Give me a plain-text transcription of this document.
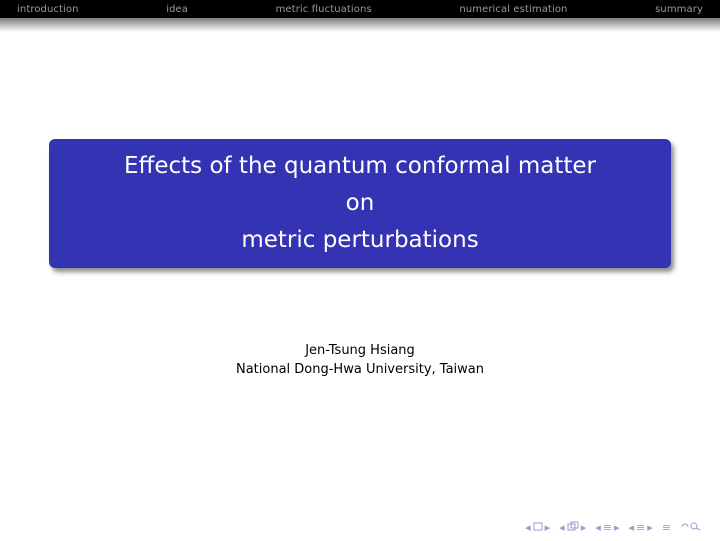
introduction	idea	metric fluctuations	numerical estimation	summary
Effects of the quantum conformal matter
on
metric perturbations
Jen-Tsung Hsiang
National Dong-Hwa University, Taiwan
◂ ▸ ◂ ▸ ◂ ≡ ▸ ◂ ≡ ▸ ≡
